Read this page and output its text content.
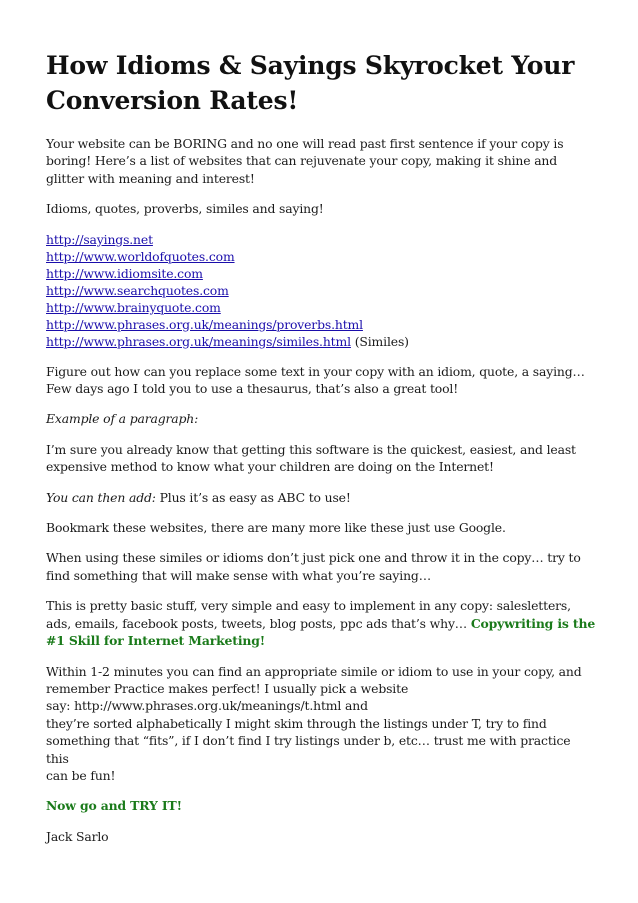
How Idioms & Sayings Skyrocket Your Conversion Rates!

Your website can be BORING and no one will read past first sentence if your copy is boring! Here’s a list of websites that can rejuvenate your copy, making it shine and glitter with meaning and interest!

Idioms, quotes, proverbs, similes and saying!

http://sayings.net
http://www.worldofquotes.com
http://www.idiomsite.com
http://www.searchquotes.com
http://www.brainyquote.com
http://www.phrases.org.uk/meanings/proverbs.html
http://www.phrases.org.uk/meanings/similes.html (Similes)

Figure out how can you replace some text in your copy with an idiom, quote, a saying… Few days ago I told you to use a thesaurus, that’s also a great tool!

Example of a paragraph:

I’m sure you already know that getting this software is the quickest, easiest, and least expensive method to know what your children are doing on the Internet!

You can then add: Plus it’s as easy as ABC to use!

Bookmark these websites, there are many more like these just use Google.

When using these similes or idioms don’t just pick one and throw it in the copy… try to find something that will make sense with what you’re saying…

This is pretty basic stuff, very simple and easy to implement in any copy: salesletters, ads, emails, facebook posts, tweets, blog posts, ppc ads that’s why… Copywriting is the #1 Skill for Internet Marketing!

Within 1-2 minutes you can find an appropriate simile or idiom to use in your copy, and
remember Practice makes perfect! I usually pick a website
say: http://www.phrases.org.uk/meanings/t.html and
they’re sorted alphabetically I might skim through the listings under T, try to find
something that “fits”, if I don’t find I try listings under b, etc… trust me with practice this
can be fun!

Now go and TRY IT!

Jack Sarlo
